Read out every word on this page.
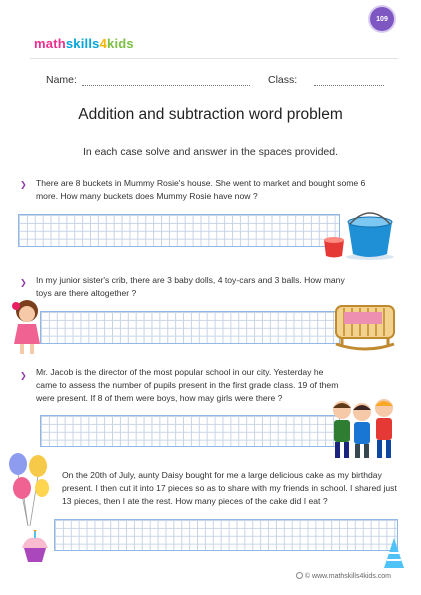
109
mathskills4kids
Name:	Class:
Addition and subtraction word problem
In each case solve and answer in the spaces provided.
❯ There are 8 buckets in Mummy Rosie's house. She went to market and bought some 6
more. How many buckets does Mummy Rosie have now ?
❯ In my junior sister's crib, there are 3 baby dolls, 4 toy-cars and 3 balls. How many
toys are there altogether ?
❯ Mr. Jacob is the director of the most popular school in our city. Yesterday he
came to assess the number of pupils present in the first grade class. 19 of them
were present. If 8 of them were boys, how may girls were there ?
On the 20th of July, aunty Daisy bought for me a large delicious cake as my birthday
present. I then cut it into 17 pieces so as to share with my friends in school. I shared just
13 pieces, then I ate the rest. How many pieces of the cake did I eat ?
© www.mathskills4kids.com
